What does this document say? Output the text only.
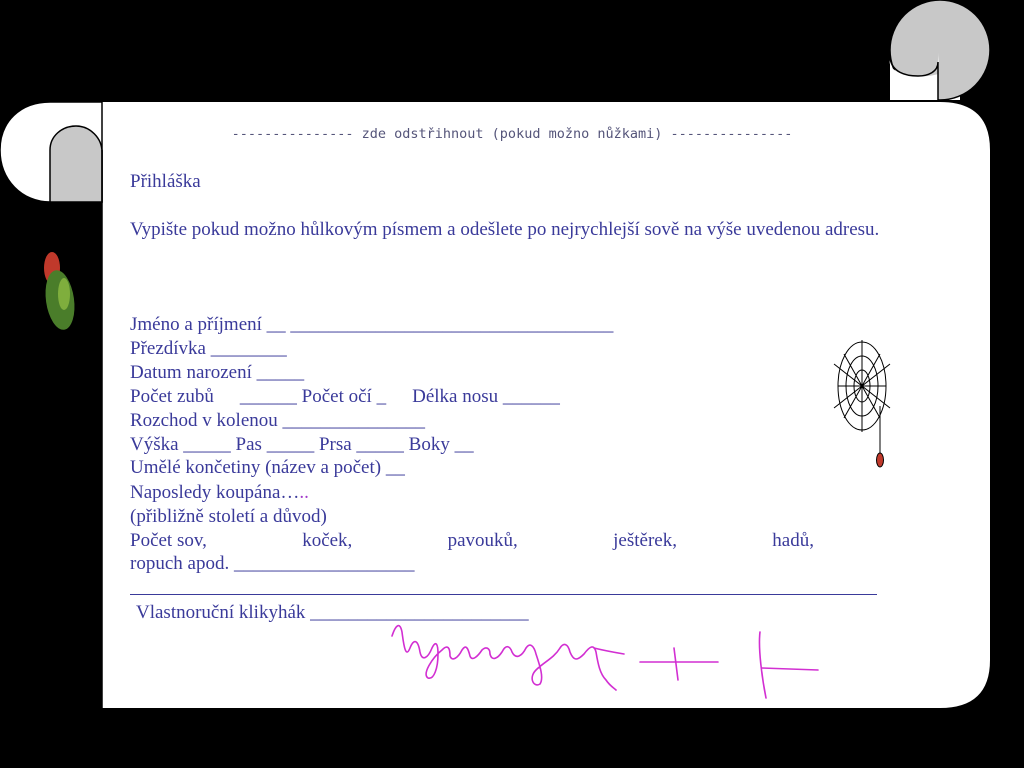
--------------- zde odstřihnout (pokud možno nůžkami) ---------------
Přihláška
Vypište pokud možno hůlkovým písmem a odešlete po nejrychlejší sově na výše uvedenou adresu.
Jméno a příjmení __ __________________________________
Přezdívka ________
Datum narození _____
Počet zubů ______ Počet očí _ Délka nosu ______
Rozchod v kolenou _______________
Výška _____ Pas _____ Prsa _____ Boky __
Umělé končetiny (název a počet) __
Naposledy koupána…..
(přibližně století a důvod)
Počet sov,	koček,	pavouků,	ještěrek,	hadů,
ropuch apod. ___________________
Vlastnoruční klikyhák _______________________
